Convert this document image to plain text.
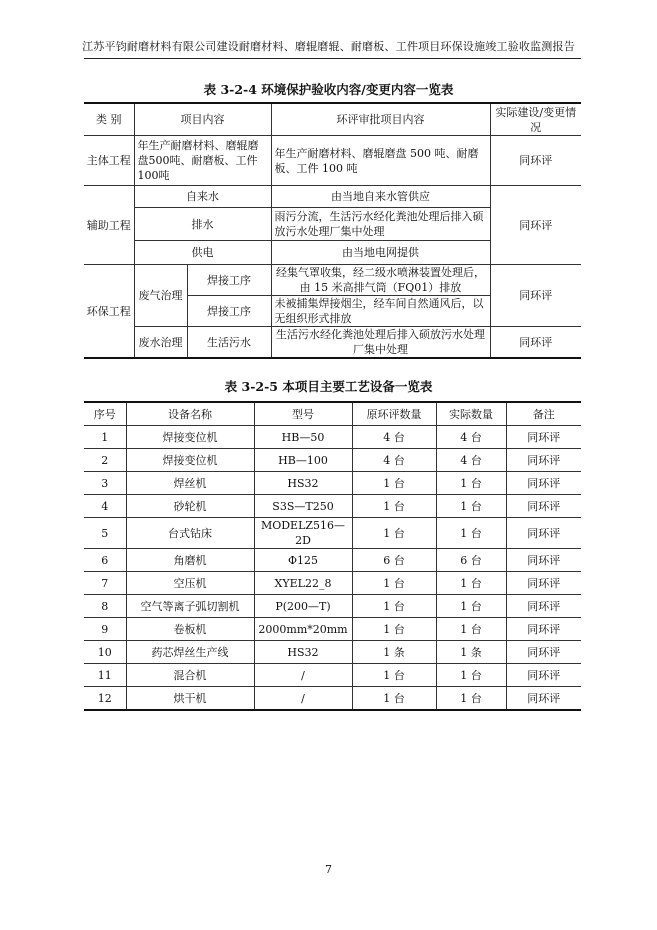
江苏平钧耐磨材料有限公司建设耐磨材料、磨辊磨辊、耐磨板、工件项目环保设施竣工验收监测报告
表 3-2-4 环境保护验收内容/变更内容一览表
类 别	项目内容		环评审批项目内容	实际建设/变更情况
主体工程	年生产耐磨材料、磨辊磨盘500吨、耐磨板、工件 100吨		年生产耐磨材料、磨辊磨盘 500 吨、耐磨板、工件 100 吨	同环评
辅助工程	自来水		由当地自来水管供应	同环评
	排水		雨污分流，生活污水经化粪池处理后排入硕放污水处理厂集中处理	
	供电		由当地电网提供	
环保工程	废气治理	焊接工序	经集气罩收集，经二级水喷淋装置处理后，由 15 米高排气筒（FQ01）排放	同环评
		焊接工序	未被捕集焊接烟尘，经车间自然通风后，以无组织形式排放	
	废水治理	生活污水	生活污水经化粪池处理后排入硕放污水处理厂集中处理	同环评
表 3-2-5 本项目主要工艺设备一览表
序号	设备名称	型号	原环评数量	实际数量	备注
1	焊接变位机	HB—50	4 台	4 台	同环评
2	焊接变位机	HB—100	4 台	4 台	同环评
3	焊丝机	HS32	1 台	1 台	同环评
4	砂轮机	S3S—T250	1 台	1 台	同环评
5	台式钻床	MODELZ516—2D	1 台	1 台	同环评
6	角磨机	Φ125	6 台	6 台	同环评
7	空压机	XYEL22_8	1 台	1 台	同环评
8	空气等离子弧切割机	P(200—T)	1 台	1 台	同环评
9	卷板机	2000mm*20mm	1 台	1 台	同环评
10	药芯焊丝生产线	HS32	1 条	1 条	同环评
11	混合机	/	1 台	1 台	同环评
12	烘干机	/	1 台	1 台	同环评
7
